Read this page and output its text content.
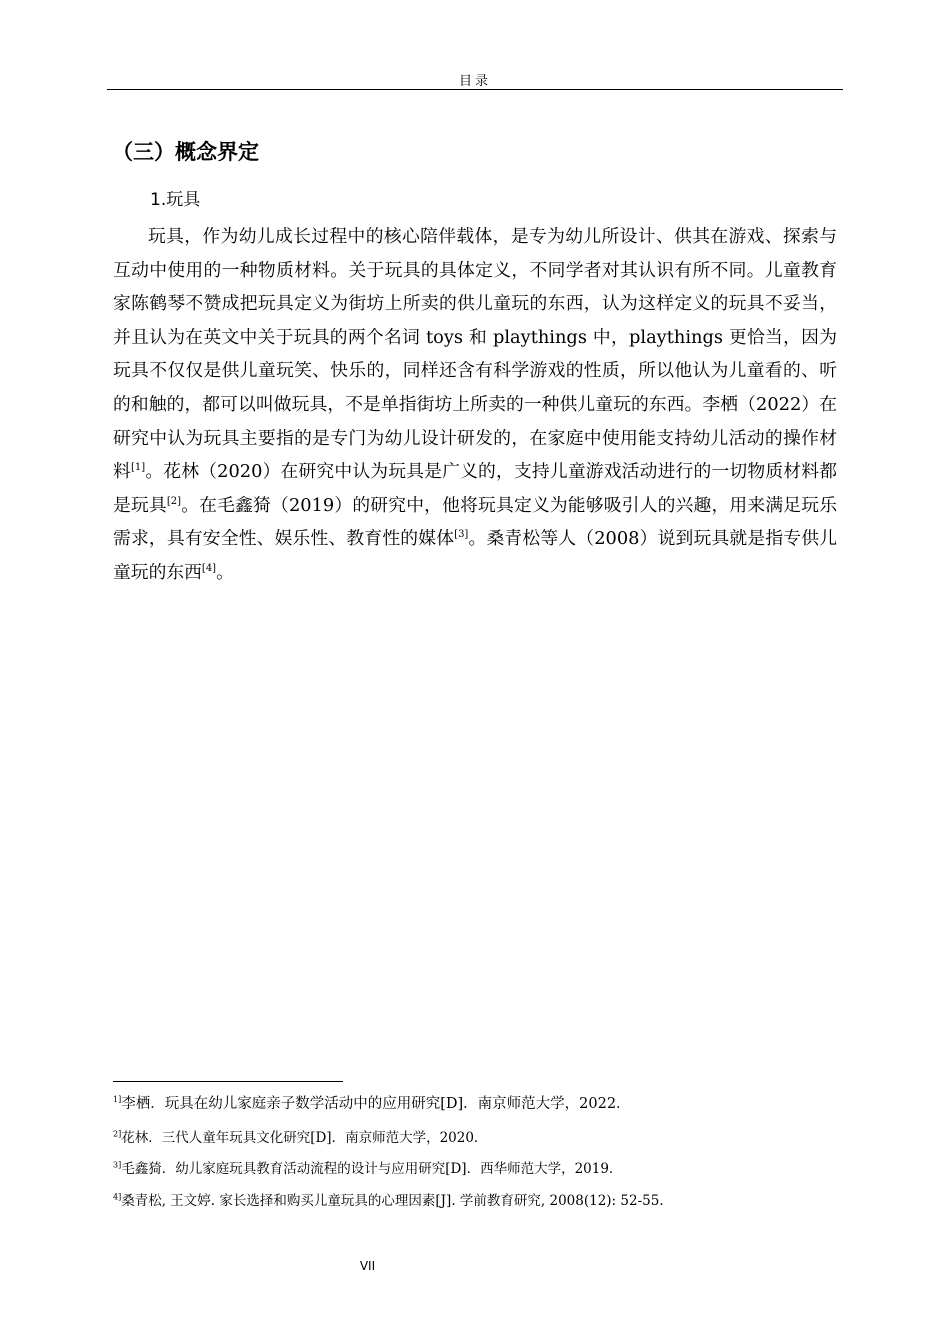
目录
（三）概念界定
1.玩具

玩具，作为幼儿成长过程中的核心陪伴载体，是专为幼儿所设计、供其在游戏、探索与互动中使用的一种物质材料。关于玩具的具体定义，不同学者对其认识有所不同。儿童教育家陈鹤琴不赞成把玩具定义为街坊上所卖的供儿童玩的东西，认为这样定义的玩具不妥当，并且认为在英文中关于玩具的两个名词 toys 和 playthings 中，playthings 更恰当，因为玩具不仅仅是供儿童玩笑、快乐的，同样还含有科学游戏的性质，所以他认为儿童看的、听的和触的，都可以叫做玩具，不是单指街坊上所卖的一种供儿童玩的东西。李栖（2022）在研究中认为玩具主要指的是专门为幼儿设计研发的，在家庭中使用能支持幼儿活动的操作材料[1]。花林（2020）在研究中认为玩具是广义的，支持儿童游戏活动进行的一切物质材料都是玩具[2]。在毛鑫猗（2019）的研究中，他将玩具定义为能够吸引人的兴趣，用来满足玩乐需求，具有安全性、娱乐性、教育性的媒体[3]。桑青松等人（2008）说到玩具就是指专供儿童玩的东西[4]。

$^{1]}$李栖．玩具在幼儿家庭亲子数学活动中的应用研究[D]．南京师范大学，2022．
$^{2]}$花林．三代人童年玩具文化研究[D]．南京师范大学，2020．
$^{3]}$毛鑫猗．幼儿家庭玩具教育活动流程的设计与应用研究[D]．西华师范大学，2019．
$^{4]}$桑青松, 王文婷. 家长选择和购买儿童玩具的心理因素[J]. 学前教育研究, 2008(12): 52-55.
VII
